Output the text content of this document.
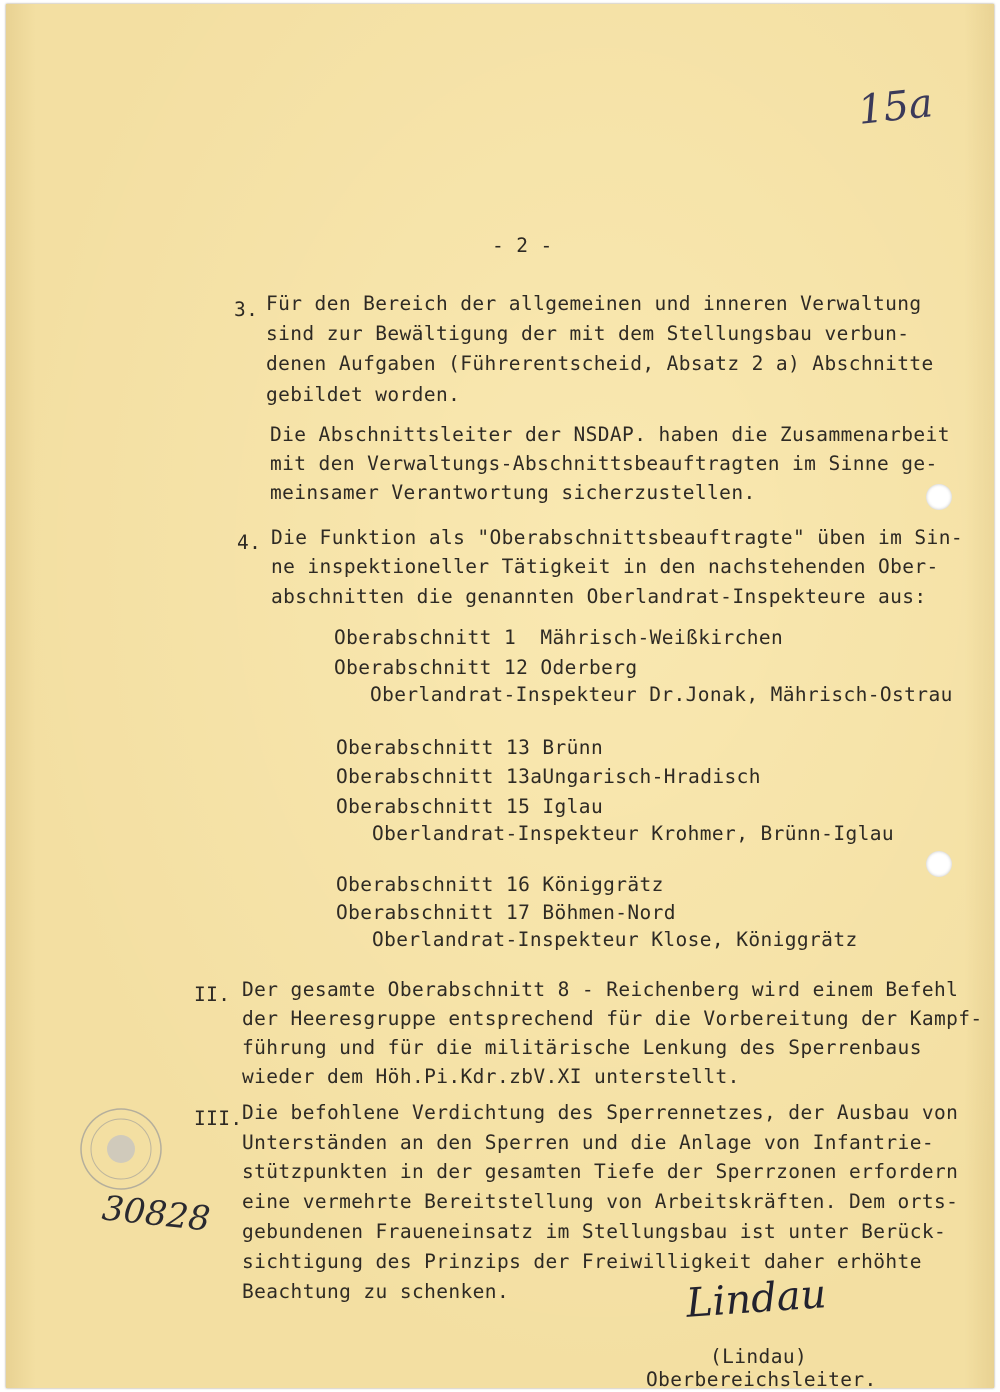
15a
- 2 -
3. Für den Bereich der allgemeinen und inneren Verwaltung
sind zur Bewältigung der mit dem Stellungsbau verbun-
denen Aufgaben (Führerentscheid, Absatz 2 a) Abschnitte
gebildet worden.
Die Abschnittsleiter der NSDAP. haben die Zusammenarbeit
mit den Verwaltungs-Abschnittsbeauftragten im Sinne ge-
meinsamer Verantwortung sicherzustellen.
4. Die Funktion als "Oberabschnittsbeauftragte" üben im Sin-
ne inspektioneller Tätigkeit in den nachstehenden Ober-
abschnitten die genannten Oberlandrat-Inspekteure aus:
Oberabschnitt 1  Mährisch-Weißkirchen
Oberabschnitt 12 Oderberg
Oberlandrat-Inspekteur Dr.Jonak, Mährisch-Ostrau
Oberabschnitt 13 Brünn
Oberabschnitt 13aUngarisch-Hradisch
Oberabschnitt 15 Iglau
Oberlandrat-Inspekteur Krohmer, Brünn-Iglau
Oberabschnitt 16 Königgrätz
Oberabschnitt 17 Böhmen-Nord
Oberlandrat-Inspekteur Klose, Königgrätz
II. Der gesamte Oberabschnitt 8 - Reichenberg wird einem Befehl
der Heeresgruppe entsprechend für die Vorbereitung der Kampf-
führung und für die militärische Lenkung des Sperrenbaus
wieder dem Höh.Pi.Kdr.zbV.XI unterstellt.
III. Die befohlene Verdichtung des Sperrennetzes, der Ausbau von
Unterständen an den Sperren und die Anlage von Infantrie-
stützpunkten in der gesamten Tiefe der Sperrzonen erfordern
eine vermehrte Bereitstellung von Arbeitskräften. Dem orts-
gebundenen Fraueneinsatz im Stellungsbau ist unter Berück-
sichtigung des Prinzips der Freiwilligkeit daher erhöhte
Beachtung zu schenken.
30828
Lindau
(Lindau)
Oberbereichsleiter.
